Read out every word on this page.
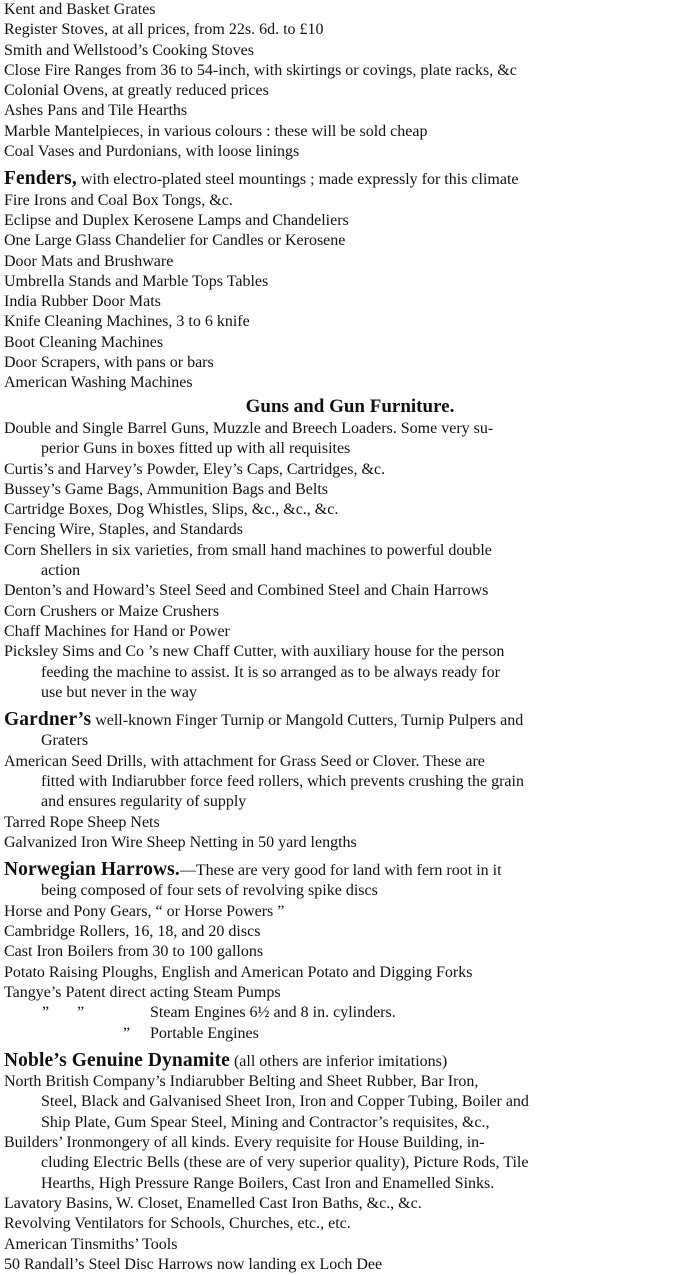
Kent and Basket Grates
Register Stoves, at all prices, from 22s. 6d. to £10
Smith and Wellstood’s Cooking Stoves
Close Fire Ranges from 36 to 54-inch, with skirtings or covings, plate racks, &c
Colonial Ovens, at greatly reduced prices
Ashes Pans and Tile Hearths
Marble Mantelpieces, in various colours : these will be sold cheap
Coal Vases and Purdonians, with loose linings
Fenders, with electro-plated steel mountings ; made expressly for this climate
Fire Irons and Coal Box Tongs, &c.
Eclipse and Duplex Kerosene Lamps and Chandeliers
One Large Glass Chandelier for Candles or Kerosene
Door Mats and Brushware
Umbrella Stands and Marble Tops Tables
India Rubber Door Mats
Knife Cleaning Machines, 3 to 6 knife
Boot Cleaning Machines
Door Scrapers, with pans or bars
American Washing Machines
Guns and Gun Furniture.
Double and Single Barrel Guns, Muzzle and Breech Loaders. Some very su-
perior Guns in boxes fitted up with all requisites
Curtis’s and Harvey’s Powder, Eley’s Caps, Cartridges, &c.
Bussey’s Game Bags, Ammunition Bags and Belts
Cartridge Boxes, Dog Whistles, Slips, &c., &c., &c.
Fencing Wire, Staples, and Standards
Corn Shellers in six varieties, from small hand machines to powerful double
action
Denton’s and Howard’s Steel Seed and Combined Steel and Chain Harrows
Corn Crushers or Maize Crushers
Chaff Machines for Hand or Power
Picksley Sims and Co ’s new Chaff Cutter, with auxiliary house for the person
feeding the machine to assist. It is so arranged as to be always ready for
use but never in the way
Gardner’s well-known Finger Turnip or Mangold Cutters, Turnip Pulpers and
Graters
American Seed Drills, with attachment for Grass Seed or Clover. These are
fitted with Indiarubber force feed rollers, which prevents crushing the grain
and ensures regularity of supply
Tarred Rope Sheep Nets
Galvanized Iron Wire Sheep Netting in 50 yard lengths
Norwegian Harrows.—These are very good for land with fern root in it
being composed of four sets of revolving spike discs
Horse and Pony Gears, “ or Horse Powers ”
Cambridge Rollers, 16, 18, and 20 discs
Cast Iron Boilers from 30 to 100 gallons
Potato Raising Ploughs, English and American Potato and Digging Forks
Tangye’s Patent direct acting Steam Pumps
”       ”	Steam Engines 6½ and 8 in. cylinders.
” Portable Engines
Noble’s Genuine Dynamite (all others are inferior imitations)
North British Company’s Indiarubber Belting and Sheet Rubber, Bar Iron,
Steel, Black and Galvanised Sheet Iron, Iron and Copper Tubing, Boiler and
Ship Plate, Gum Spear Steel, Mining and Contractor’s requisites, &c.,
Builders’ Ironmongery of all kinds. Every requisite for House Building, in-
cluding Electric Bells (these are of very superior quality), Picture Rods, Tile
Hearths, High Pressure Range Boilers, Cast Iron and Enamelled Sinks.
Lavatory Basins, W. Closet, Enamelled Cast Iron Baths, &c., &c.
Revolving Ventilators for Schools, Churches, etc., etc.
American Tinsmiths’ Tools
50 Randall’s Steel Disc Harrows now landing ex Loch Dee
